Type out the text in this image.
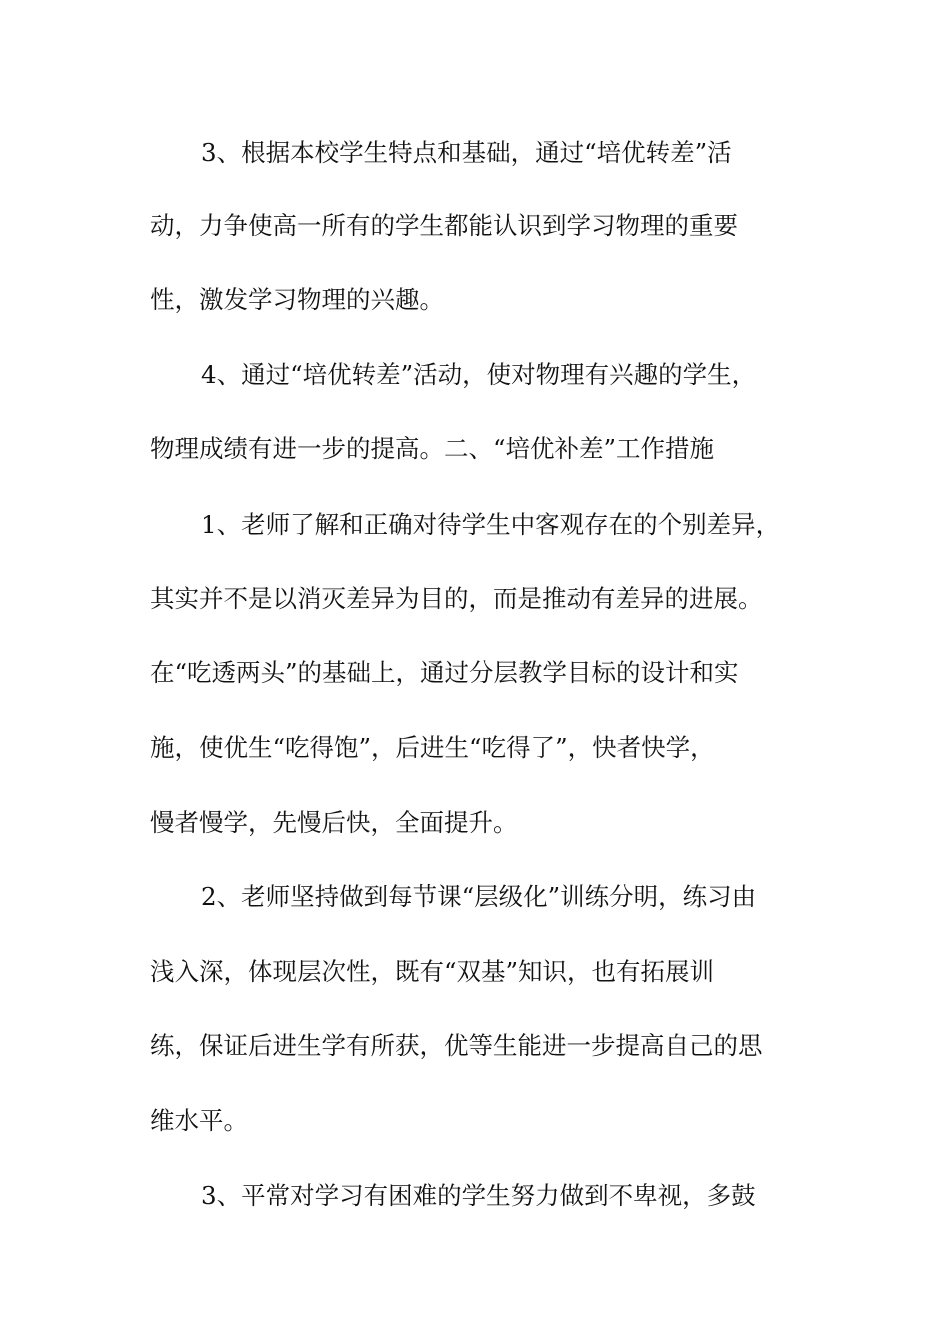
3、根据本校学生特点和基础，通过“培优转差”活
动，力争使高一所有的学生都能认识到学习物理的重要
性，激发学习物理的兴趣。
4、通过“培优转差”活动，使对物理有兴趣的学生，
物理成绩有进一步的提高。二、“培优补差”工作措施
1、老师了解和正确对待学生中客观存在的个别差异，
其实并不是以消灭差异为目的，而是推动有差异的进展。
在“吃透两头”的基础上，通过分层教学目标的设计和实
施，使优生“吃得饱”，后进生“吃得了”，快者快学，
慢者慢学，先慢后快，全面提升。
2、老师坚持做到每节课“层级化”训练分明，练习由
浅入深，体现层次性，既有“双基”知识，也有拓展训
练，保证后进生学有所获，优等生能进一步提高自己的思
维水平。
3、平常对学习有困难的学生努力做到不卑视，多鼓
